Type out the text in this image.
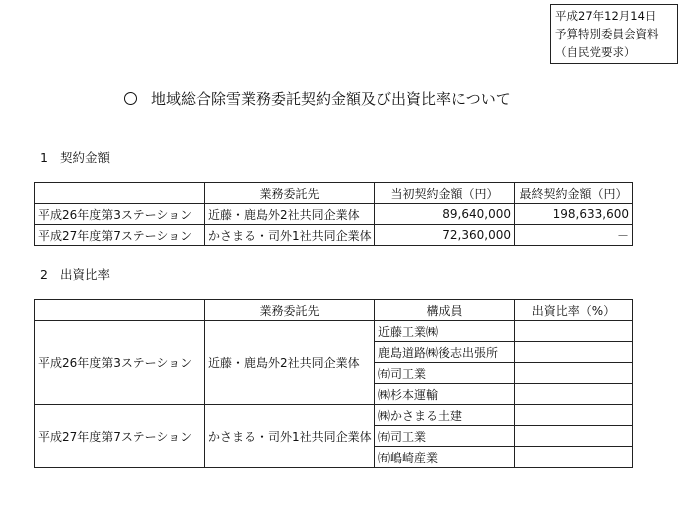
平成27年12月14日
予算特別委員会資料
（自民党要求）
地域総合除雪業務委託契約金額及び出資比率について
1 契約金額
	業務委託先	当初契約金額（円）	最終契約金額（円）
平成26年度第3ステーション	近藤・鹿島外2社共同企業体	89,640,000	198,633,600
平成27年度第7ステーション	かさまる・司外1社共同企業体	72,360,000	－
2 出資比率
	業務委託先	構成員	出資比率（%）
平成26年度第3ステーション	近藤・鹿島外2社共同企業体	近藤工業㈱	
		鹿島道路㈱後志出張所	
		㈲司工業	
		㈱杉本運輸	
平成27年度第7ステーション	かさまる・司外1社共同企業体	㈱かさまる土建	
		㈲司工業	
		㈲嶋崎産業	
